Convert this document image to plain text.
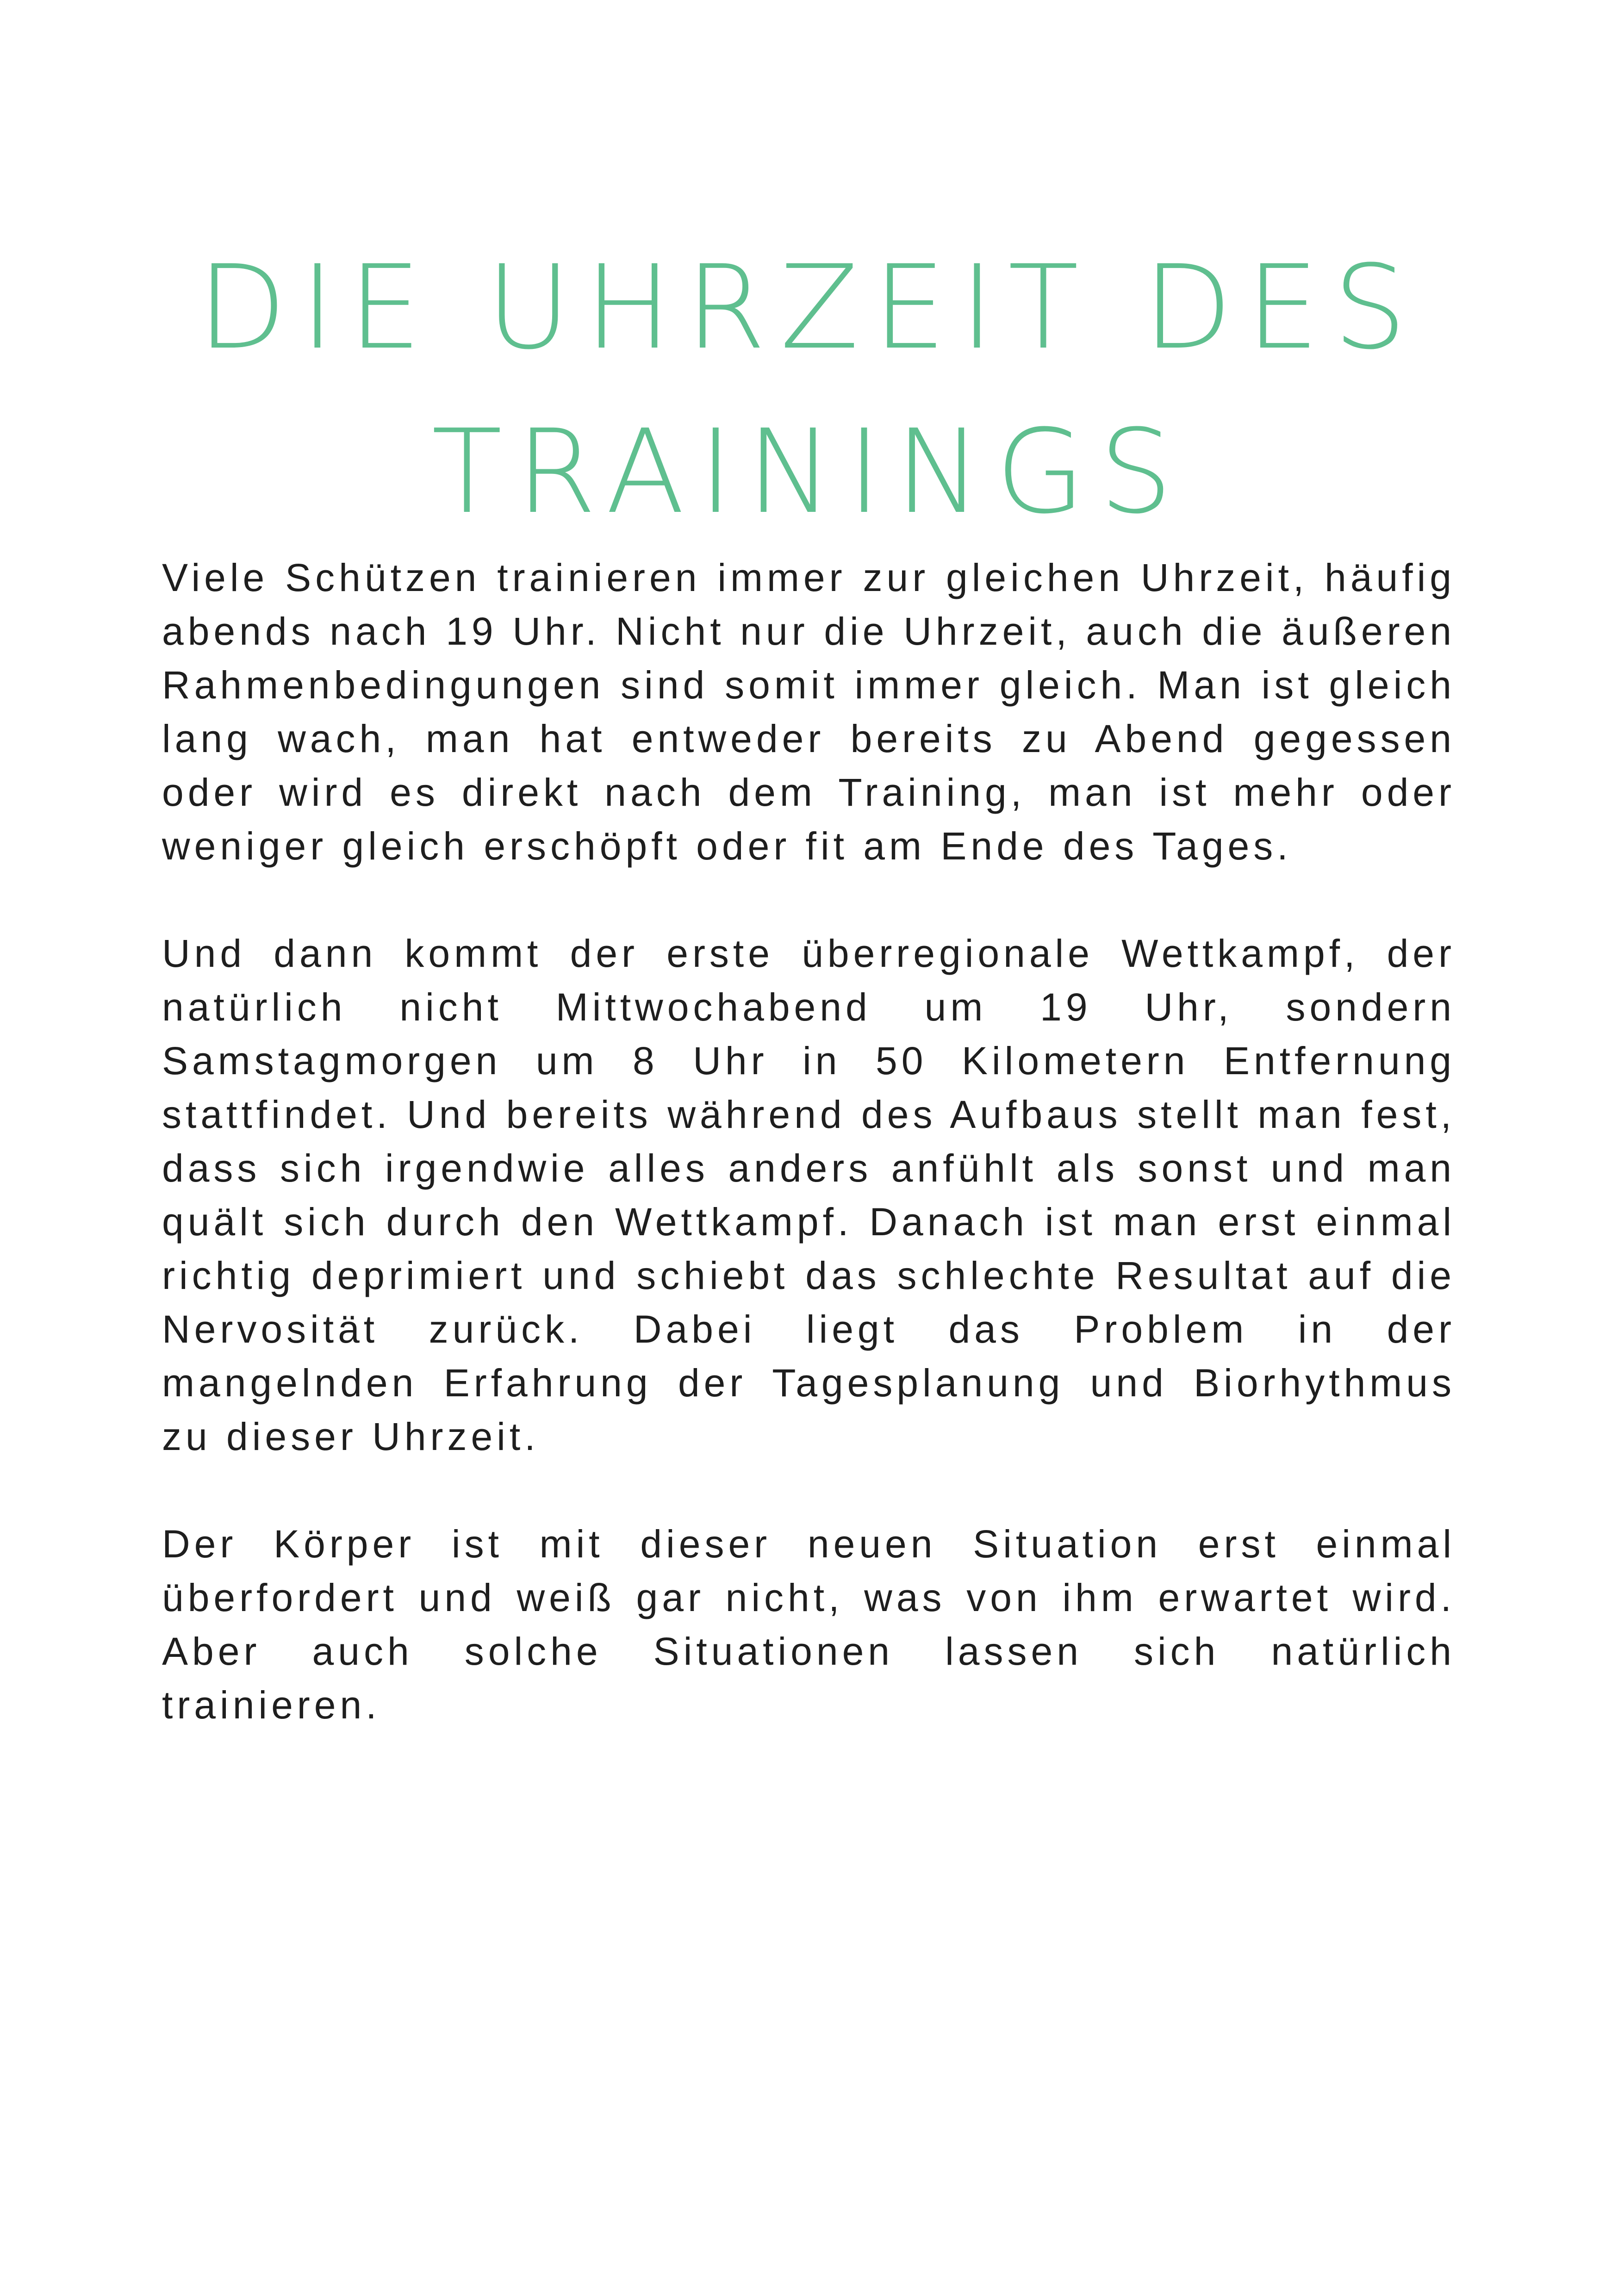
DIE UHRZEIT DES
TRAININGS

Viele Schützen trainieren immer zur gleichen Uhrzeit, häufig abends nach 19 Uhr. Nicht nur die Uhrzeit, auch die äußeren Rahmenbedingungen sind somit immer gleich. Man ist gleich lang wach, man hat entweder bereits zu Abend gegessen oder wird es direkt nach dem Training, man ist mehr oder weniger gleich erschöpft oder fit am Ende des Tages.

Und dann kommt der erste überregionale Wettkampf, der natürlich nicht Mittwochabend um 19 Uhr, sondern Samstagmorgen um 8 Uhr in 50 Kilometern Entfernung stattfindet. Und bereits während des Aufbaus stellt man fest, dass sich irgendwie alles anders anfühlt als sonst und man quält sich durch den Wettkampf. Danach ist man erst einmal richtig deprimiert und schiebt das schlechte Resultat auf die Nervosität zurück. Dabei liegt das Problem in der mangelnden Erfahrung der Tagesplanung und Biorhythmus zu dieser Uhrzeit.

Der Körper ist mit dieser neuen Situation erst einmal überfordert und weiß gar nicht, was von ihm erwartet wird. Aber auch solche Situationen lassen sich natürlich trainieren.
